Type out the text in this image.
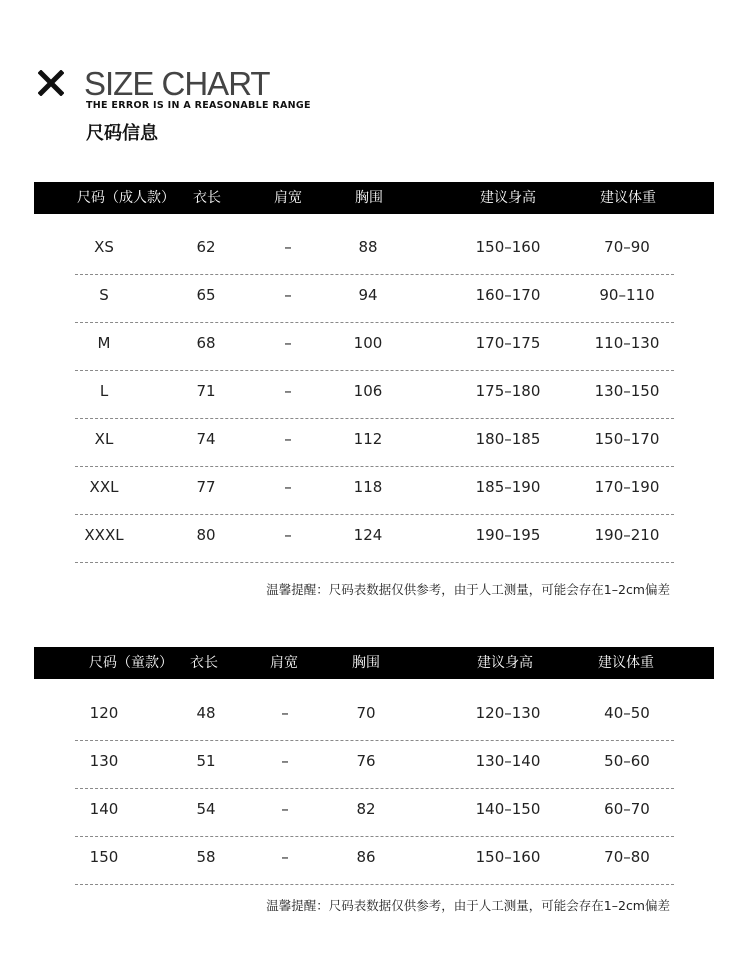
SIZE CHART
THE ERROR IS IN A REASONABLE RANGE
尺码信息
尺码（成人款） 衣长	肩宽	胸围	建议身高	建议体重
XS	62	–	88	150–160	70–90
S	65	–	94	160–170	90–110
M	68	–	100	170–175	110–130
L	71	–	106	175–180	130–150
XL	74	–	112	180–185	150–170
XXL	77	–	118	185–190	170–190
XXXL	80	–	124	190–195	190–210
温馨提醒：尺码表数据仅供参考，由于人工测量，可能会存在1–2cm偏差
尺码（童款） 衣长	肩宽	胸围	建议身高	建议体重
120	48	–	70	120–130	40–50
130	51	–	76	130–140	50–60
140	54	–	82	140–150	60–70
150	58	–	86	150–160	70–80
温馨提醒：尺码表数据仅供参考，由于人工测量，可能会存在1–2cm偏差
